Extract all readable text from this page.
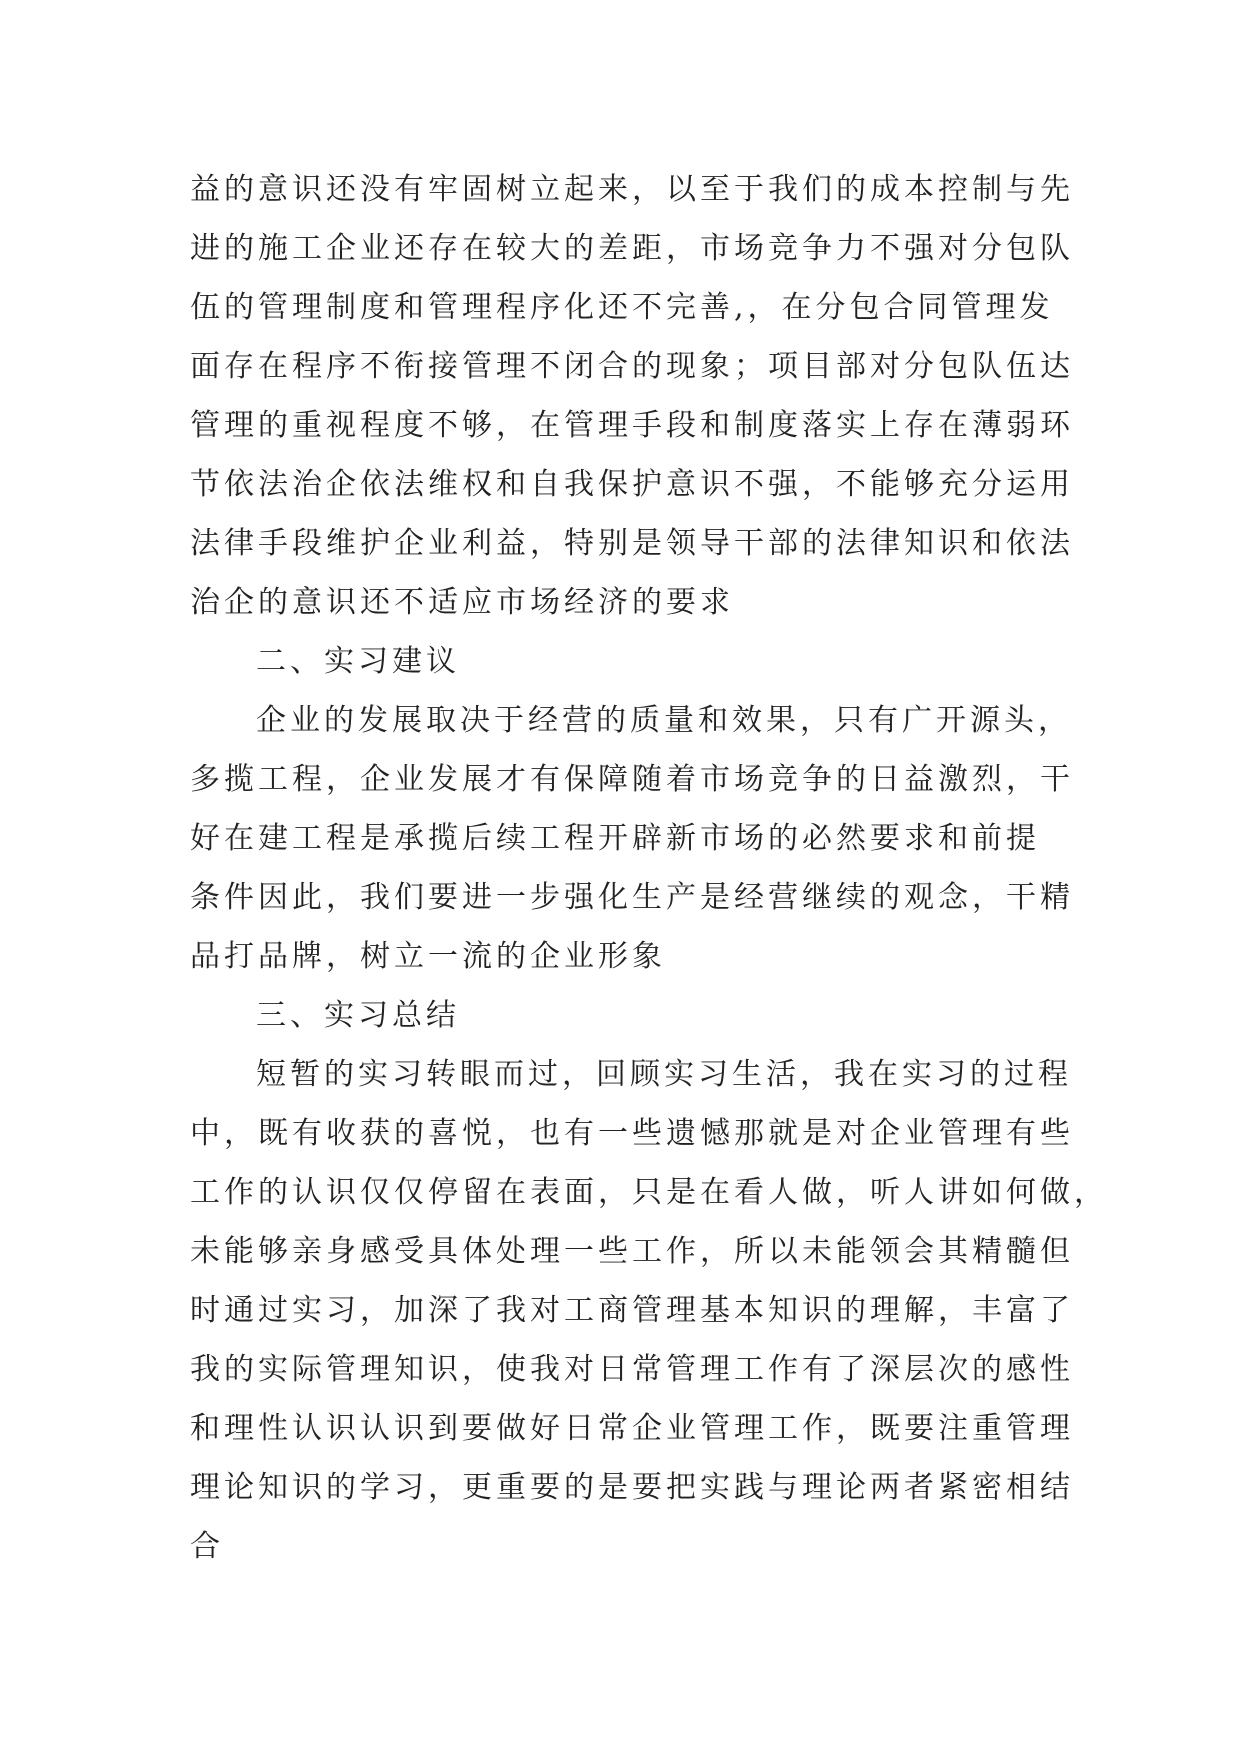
益的意识还没有牢固树立起来，以至于我们的成本控制与先
进的施工企业还存在较大的差距，市场竞争力不强对分包队
伍的管理制度和管理程序化还不完善,，在分包合同管理发
面存在程序不衔接管理不闭合的现象；项目部对分包队伍达
管理的重视程度不够，在管理手段和制度落实上存在薄弱环
节依法治企依法维权和自我保护意识不强，不能够充分运用
法律手段维护企业利益，特别是领导干部的法律知识和依法
治企的意识还不适应市场经济的要求
二、实习建议
企业的发展取决于经营的质量和效果，只有广开源头，
多揽工程，企业发展才有保障随着市场竞争的日益激烈，干
好在建工程是承揽后续工程开辟新市场的必然要求和前提
条件因此，我们要进一步强化生产是经营继续的观念，干精
品打品牌，树立一流的企业形象
三、实习总结
短暂的实习转眼而过，回顾实习生活，我在实习的过程
中，既有收获的喜悦，也有一些遗憾那就是对企业管理有些
工作的认识仅仅停留在表面，只是在看人做，听人讲如何做，
未能够亲身感受具体处理一些工作，所以未能领会其精髓但
时通过实习，加深了我对工商管理基本知识的理解，丰富了
我的实际管理知识，使我对日常管理工作有了深层次的感性
和理性认识认识到要做好日常企业管理工作，既要注重管理
理论知识的学习，更重要的是要把实践与理论两者紧密相结
合
